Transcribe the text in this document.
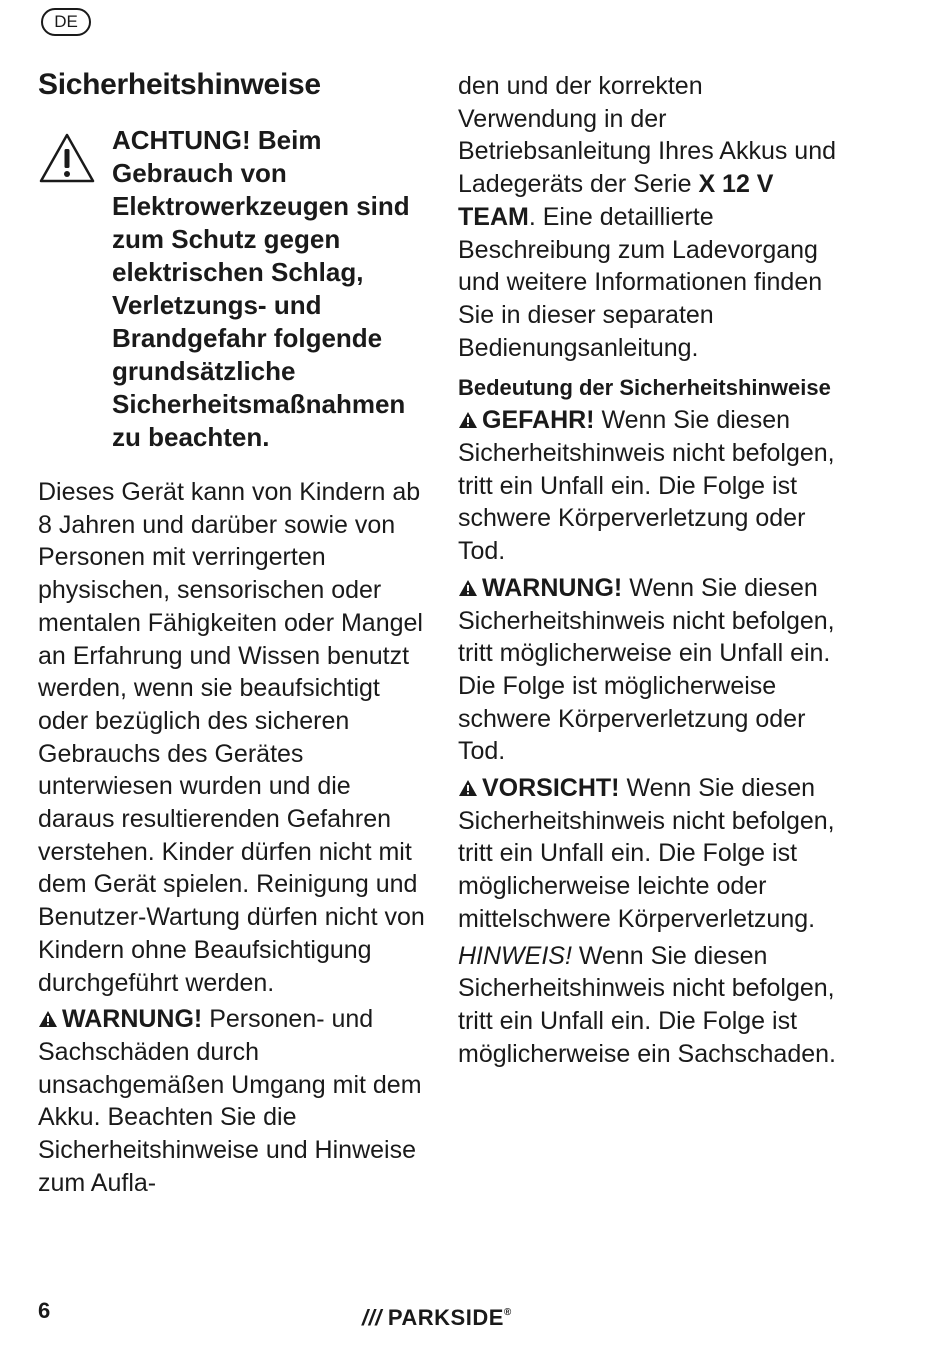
DE
Sicherheitshinweise

ACHTUNG! Beim Gebrauch von Elektrowerkzeugen sind zum Schutz gegen elektrischen Schlag, Verletzungs- und Brandgefahr folgende grundsätzliche Sicherheitsmaßnahmen zu beachten.

Dieses Gerät kann von Kindern ab 8 Jahren und darüber sowie von Personen mit verringerten physischen, sensorischen oder mentalen Fähigkeiten oder Mangel an Erfahrung und Wissen benutzt werden, wenn sie beaufsichtigt oder bezüglich des sicheren Gebrauchs des Gerätes unterwiesen wurden und die daraus resultierenden Gefahren verstehen. Kinder dürfen nicht mit dem Gerät spielen. Reinigung und Benutzer-Wartung dürfen nicht von Kindern ohne Beaufsichtigung durchgeführt werden.

WARNUNG! Personen- und Sachschäden durch unsachgemäßen Umgang mit dem Akku. Beachten Sie die Sicherheitshinweise und Hinweise zum Aufla-

den und der korrekten Verwendung in der Betriebsanleitung Ihres Akkus und Ladegeräts der Serie X 12 V TEAM. Eine detaillierte Beschreibung zum Ladevorgang und weitere Informationen finden Sie in dieser separaten Bedienungsanleitung.

Bedeutung der Sicherheitshinweise

GEFAHR! Wenn Sie diesen Sicherheitshinweis nicht befolgen, tritt ein Unfall ein. Die Folge ist schwere Körperverletzung oder Tod.

WARNUNG! Wenn Sie diesen Sicherheitshinweis nicht befolgen, tritt möglicherweise ein Unfall ein. Die Folge ist möglicherweise schwere Körperverletzung oder Tod.

VORSICHT! Wenn Sie diesen Sicherheitshinweis nicht befolgen, tritt ein Unfall ein. Die Folge ist möglicherweise leichte oder mittelschwere Körperverletzung.

HINWEIS! Wenn Sie diesen Sicherheitshinweis nicht befolgen, tritt ein Unfall ein. Die Folge ist möglicherweise ein Sachschaden.

6	/// PARKSIDE®
